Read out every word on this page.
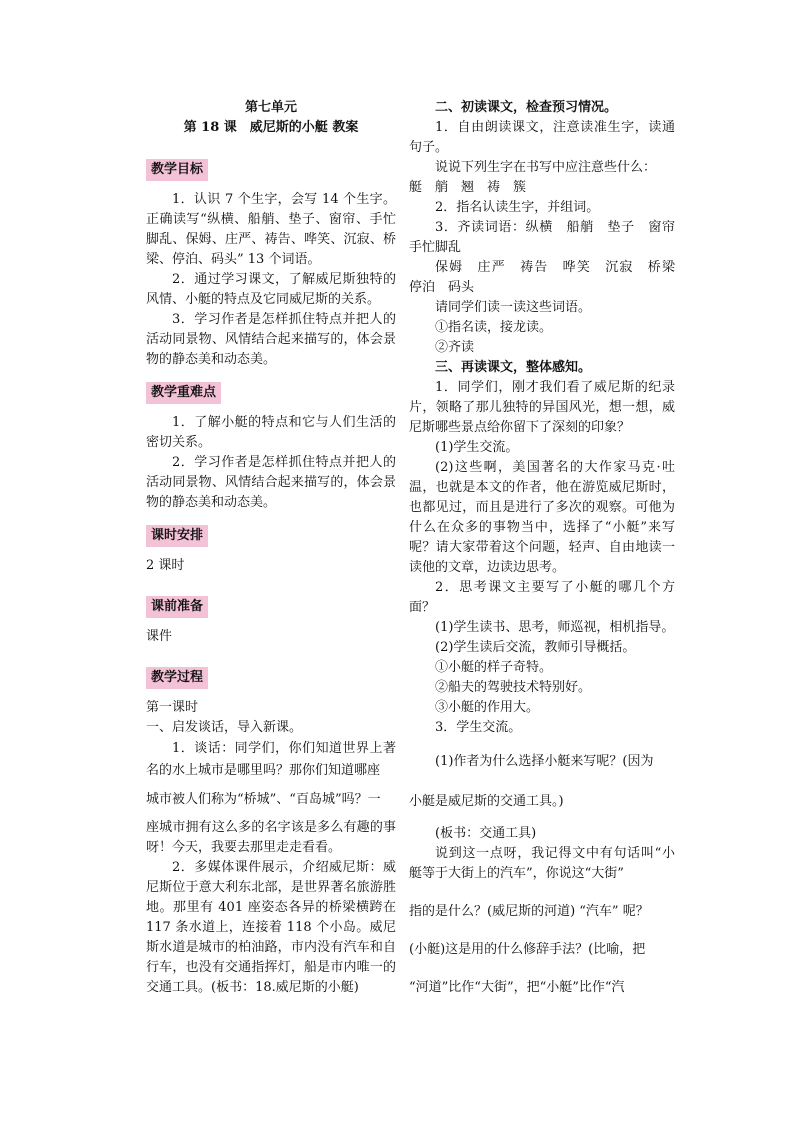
第七单元

第 18 课　威尼斯的小艇 教案

教学目标

1．认识 7 个生字，会写 14 个生字。正确读写“纵横、船艄、垫子、窗帘、手忙脚乱、保姆、庄严、祷告、哗笑、沉寂、桥梁、停泊、码头” 13 个词语。

2．通过学习课文，了解威尼斯独特的风情、小艇的特点及它同威尼斯的关系。

3．学习作者是怎样抓住特点并把人的活动同景物、风情结合起来描写的，体会景物的静态美和动态美。

教学重难点

1．了解小艇的特点和它与人们生活的密切关系。

2．学习作者是怎样抓住特点并把人的活动同景物、风情结合起来描写的，体会景物的静态美和动态美。

课时安排

2 课时

课前准备

课件

教学过程

第一课时

一、启发谈话，导入新课。

1．谈话：同学们，你们知道世界上著名的水上城市是哪里吗？那你们知道哪座

城市被人们称为“桥城”、“百岛城”吗？一

座城市拥有这么多的名字该是多么有趣的事呀！今天，我要去那里走走看看。

2．多媒体课件展示，介绍威尼斯：威尼斯位于意大利东北部，是世界著名旅游胜地。那里有 401 座姿态各异的桥梁横跨在 117 条水道上，连接着 118 个小岛。威尼斯水道是城市的柏油路，市内没有汽车和自行车，也没有交通指挥灯，船是市内唯一的交通工具。(板书：18.威尼斯的小艇)

二、初读课文，检查预习情况。

1．自由朗读课文，注意读准生字，读通句子。

说说下列生字在书写中应注意些什么：

艇　艄　翘　祷　簇

2．指名认读生字，并组词。

3．齐读词语：纵横　船艄　垫子　窗帘　手忙脚乱

保姆　庄严　祷告　哗笑　沉寂　桥梁　停泊　码头

请同学们读一读这些词语。

①指名读，接龙读。

②齐读

三、再读课文，整体感知。

1．同学们，刚才我们看了威尼斯的纪录片，领略了那儿独特的异国风光，想一想，威尼斯哪些景点给你留下了深刻的印象？

(1)学生交流。

(2)这些啊，美国著名的大作家马克·吐温，也就是本文的作者，他在游览威尼斯时，也都见过，而且是进行了多次的观察。可他为什么在众多的事物当中，选择了“小艇”来写呢？请大家带着这个问题，轻声、自由地读一读他的文章，边读边思考。

2．思考课文主要写了小艇的哪几个方面？

(1)学生读书、思考，师巡视，相机指导。

(2)学生读后交流，教师引导概括。

①小艇的样子奇特。

②船夫的驾驶技术特别好。

③小艇的作用大。

3．学生交流。

(1)作者为什么选择小艇来写呢？(因为

小艇是威尼斯的交通工具。)

(板书：交通工具)

说到这一点呀，我记得文中有句话叫“小艇等于大街上的汽车”，你说这“大街”

指的是什么？(威尼斯的河道) “汽车” 呢？

(小艇)这是用的什么修辞手法？(比喻，把

“河道”比作“大街”，把“小艇”比作“汽
